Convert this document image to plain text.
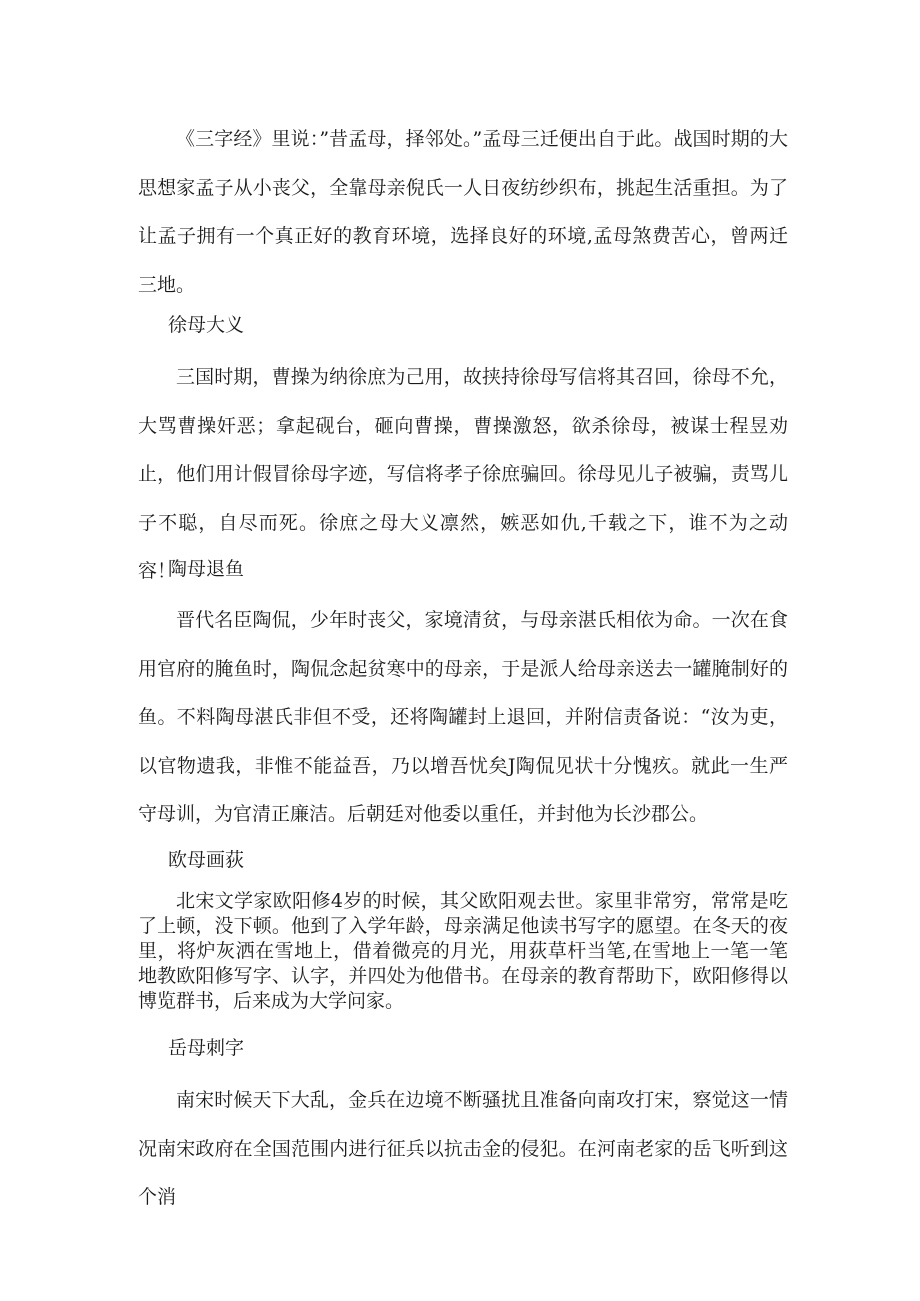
《三字经》里说：”昔孟母，择邻处。”孟母三迁便出自于此。战国时期的大思想家孟子从小丧父，全靠母亲倪氏一人日夜纺纱织布，挑起生活重担。为了让孟子拥有一个真正好的教育环境，选择良好的环境,孟母煞费苦心，曾两迁三地。

徐母大义

三国时期，曹操为纳徐庶为己用，故挟持徐母写信将其召回，徐母不允，大骂曹操奸恶；拿起砚台，砸向曹操，曹操激怒，欲杀徐母，被谋士程昱劝止，他们用计假冒徐母字迹，写信将孝子徐庶骗回。徐母见儿子被骗，责骂儿子不聪，自尽而死。徐庶之母大义凛然，嫉恶如仇,千载之下，谁不为之动容！

陶母退鱼

晋代名臣陶侃，少年时丧父，家境清贫，与母亲湛氏相依为命。一次在食用官府的腌鱼时，陶侃念起贫寒中的母亲，于是派人给母亲送去一罐腌制好的鱼。不料陶母湛氏非但不受，还将陶罐封上退回，并附信责备说：“汝为吏，以官物遗我，非惟不能益吾，乃以增吾忧矣J陶侃见状十分愧疚。就此一生严守母训，为官清正廉洁。后朝廷对他委以重任，并封他为长沙郡公。

欧母画荻

北宋文学家欧阳修4岁的时候，其父欧阳观去世。家里非常穷，常常是吃了上顿，没下顿。他到了入学年龄，母亲满足他读书写字的愿望。在冬天的夜里，将炉灰洒在雪地上，借着微亮的月光，用荻草杆当笔,在雪地上一笔一笔地教欧阳修写字、认字，并四处为他借书。在母亲的教育帮助下，欧阳修得以博览群书，后来成为大学问家。

岳母刺字

南宋时候天下大乱，金兵在边境不断骚扰且准备向南攻打宋，察觉这一情况南宋政府在全国范围内进行征兵以抗击金的侵犯。在河南老家的岳飞听到这个消
